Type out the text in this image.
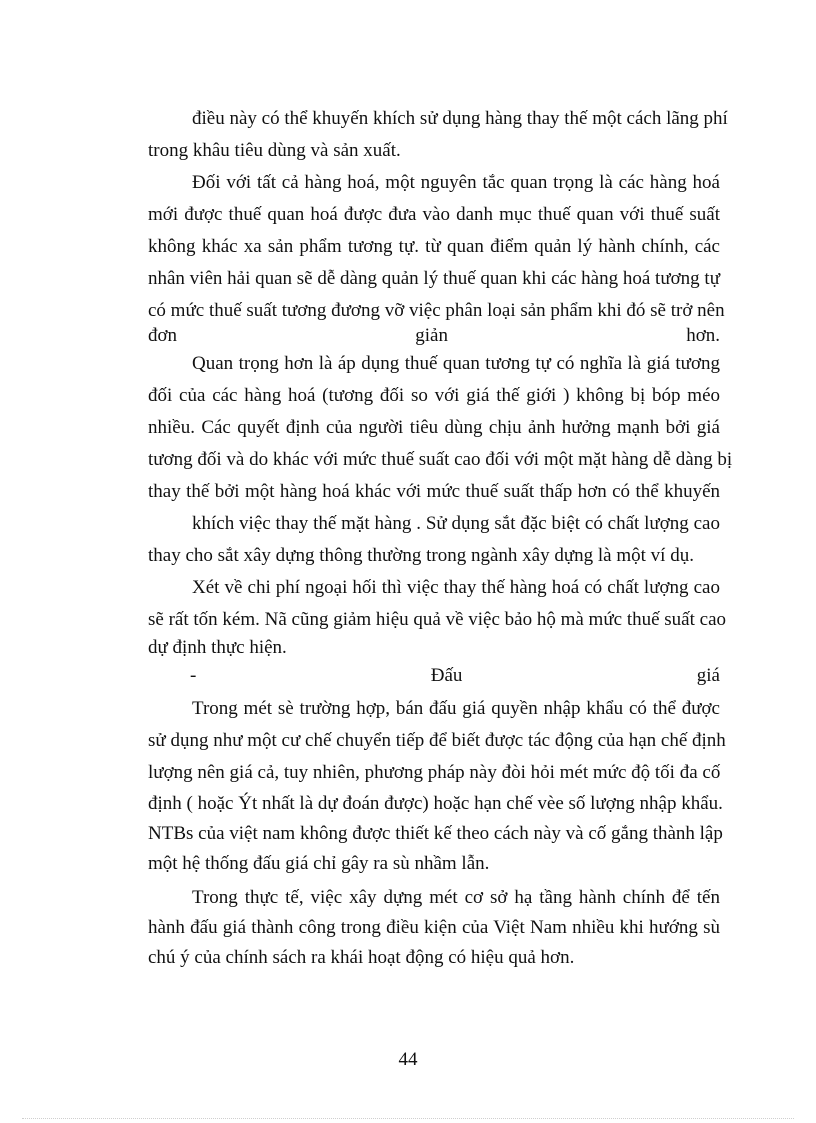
điều này có thể khuyến khích sử dụng hàng thay thế một cách lãng phí
trong khâu tiêu dùng và sản xuất.
Đối với tất cả hàng hoá, một nguyên tắc quan trọng là các hàng hoá
mới được thuế quan hoá được đưa vào danh mục thuế quan với thuế suất
không khác xa sản phẩm tương tự. từ quan điểm quản lý hành chính, các
nhân viên hải quan sẽ dễ dàng quản lý thuế quan khi các hàng hoá tương tự
có mức thuế suất tương đương vỡ việc phân loại sản phẩm khi đó sẽ trở nên
đơn giản hơn.
Quan trọng hơn là áp dụng thuế quan tương tự có nghĩa là giá tương
đối của các hàng hoá (tương đối so với giá thế giới ) không bị bóp méo
nhiều. Các quyết định của người tiêu dùng chịu ảnh hưởng mạnh bởi giá
tương đối và do khác với mức thuế suất cao đối với một mặt hàng dễ dàng bị
thay thế bởi một hàng hoá khác với mức thuế suất thấp hơn có thể khuyến
khích việc thay thế mặt hàng . Sử dụng sắt đặc biệt có chất lượng cao
thay cho sắt xây dựng thông thường trong ngành xây dựng là một ví dụ.
Xét về chi phí ngoại hối thì việc thay thế hàng hoá có chất lượng cao
sẽ rất tốn kém. Nã cũng giảm hiệu quả về việc bảo hộ mà mức thuế suất cao
dự định thực hiện.
- Đấu giá
Trong mét sè trường hợp, bán đấu giá quyền nhập khẩu có thể được
sử dụng như một cư chế chuyển tiếp để biết được tác động của hạn chế định
lượng nên giá cả, tuy nhiên, phương pháp này đòi hỏi mét mức độ tối đa cố
định ( hoặc Ýt nhất là dự đoán được) hoặc hạn chế vèe số lượng nhập khẩu.
NTBs của việt nam không được thiết kế theo cách này và cố gắng thành lập
một hệ thống đấu giá chỉ gây ra sù nhầm lẫn.
Trong thực tế, việc xây dựng mét cơ sở hạ tầng hành chính để tến
hành đấu giá thành công trong điều kiện của Việt Nam nhiều khi hướng sù
chú ý của chính sách ra khái hoạt động có hiệu quả hơn.
44
